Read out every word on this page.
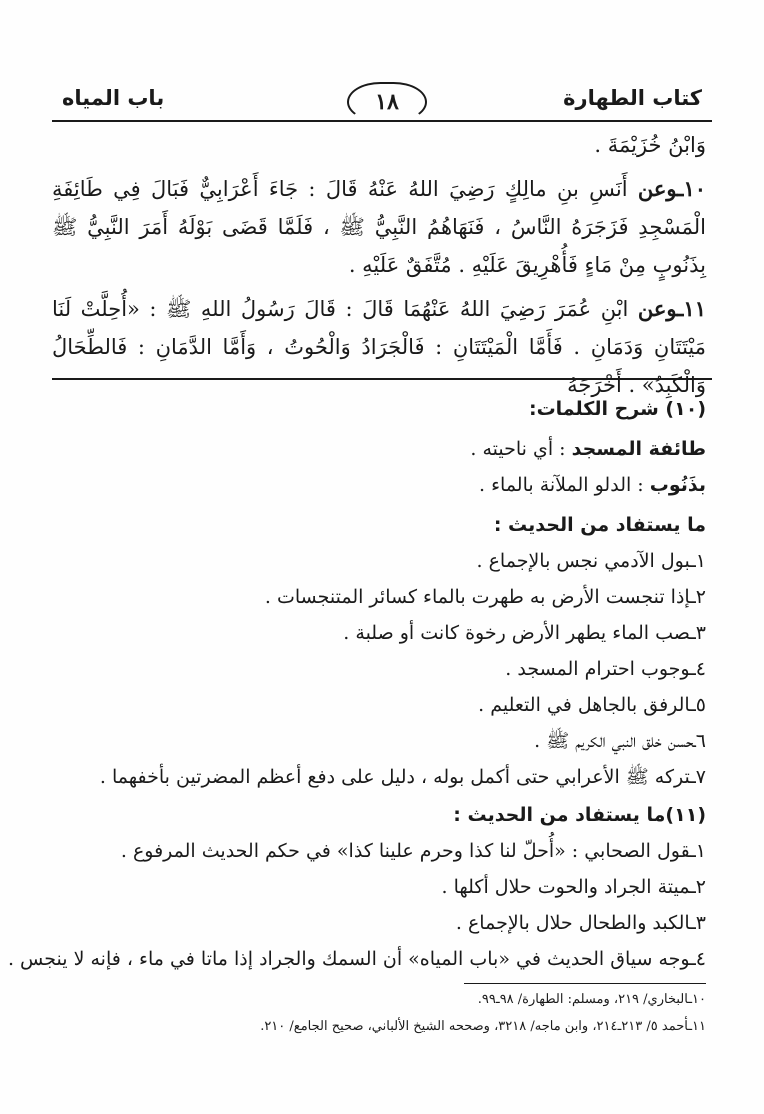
كتاب الطهارة
١٨
باب المياه
وَابْنُ خُزَيْمَةَ .
١٠ـوعن أَنَسِ بنِ مالِكٍ رَضِيَ اللهُ عَنْهُ قَالَ : جَاءَ أَعْرَابِيٌّ فَبَالَ فِي طَائِفَةِ الْمَسْجِدِ فَزَجَرَهُ النَّاسُ ، فَنَهَاهُمُ النَّبِيُّ ﷺ ، فَلَمَّا قَضَى بَوْلَهُ أَمَرَ النَّبِيُّ ﷺ بِذَنُوبٍ مِنْ مَاءٍ فَأُهْرِيقَ عَلَيْهِ . مُتَّفَقٌ عَلَيْهِ .
١١ـوعن ابْنِ عُمَرَ رَضِيَ اللهُ عَنْهُمَا قَالَ : قَالَ رَسُولُ اللهِ ﷺ : «أُحِلَّتْ لَنَا مَيْتَتَانِ وَدَمَانِ . فَأَمَّا الْمَيْتَتَانِ : فَالْجَرَادُ وَالْحُوتُ ، وَأَمَّا الدَّمَانِ : فَالطِّحَالُ وَالْكَبِدُ» . أَخْرَجَهُ
(١٠) شرح الكلمات:
طائفة المسجد : أي ناحيته .
بذَنُوب : الدلو الملآنة بالماء .
ما يستفاد من الحديث :
١ـبول الآدمي نجس بالإجماع .
٢ـإذا تنجست الأرض به طهرت بالماء كسائر المتنجسات .
٣ـصب الماء يطهر الأرض رخوة كانت أو صلبة .
٤ـوجوب احترام المسجد .
٥ـالرفق بالجاهل في التعليم .
٦ـحسن خلق النبي الكريم ﷺ .
٧ـتركه ﷺ الأعرابي حتى أكمل بوله ، دليل على دفع أعظم المضرتين بأخفهما .
(١١)ما يستفاد من الحديث :
١ـقول الصحابي : «أُحلّ لنا كذا وحرم علينا كذا» في حكم الحديث المرفوع .
٢ـميتة الجراد والحوت حلال أكلها .
٣ـالكبد والطحال حلال بالإجماع .
٤ـوجه سياق الحديث في «باب المياه» أن السمك والجراد إذا ماتا في ماء ، فإنه لا ينجس .
١٠ـالبخاري/ ٢١٩، ومسلم: الطهارة/ ٩٨ـ٩٩.
١١ـأحمد ٥/ ٢١٣ـ٢١٤، وابن ماجه/ ٣٢١٨، وصححه الشيخ الألباني، صحيح الجامع/ ٢١٠.
